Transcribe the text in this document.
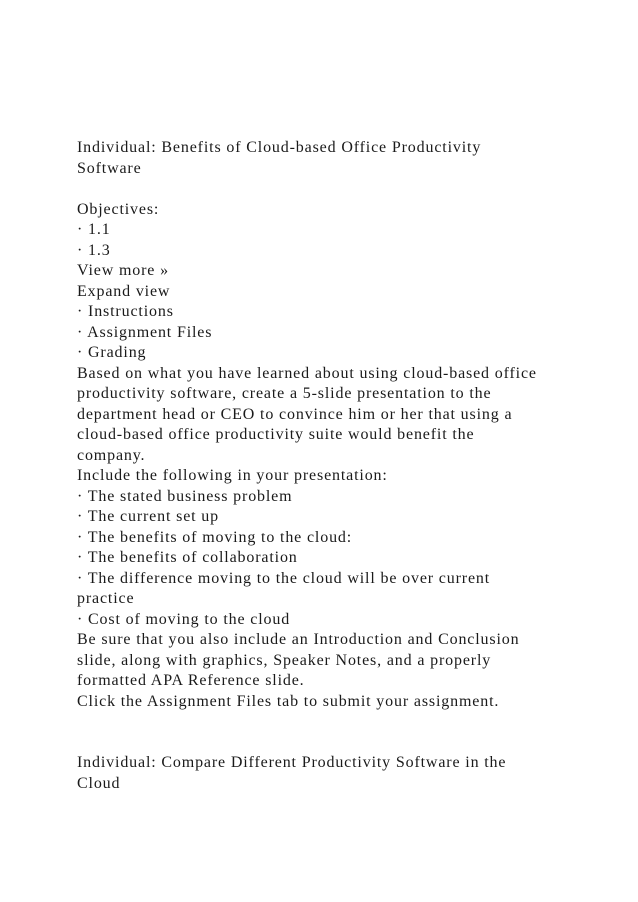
Individual: Benefits of Cloud-based Office Productivity
Software
Objectives:
· 1.1
· 1.3
View more »
Expand view
· Instructions
· Assignment Files
· Grading
Based on what you have learned about using cloud-based office
productivity software, create a 5-slide presentation to the
department head or CEO to convince him or her that using a
cloud-based office productivity suite would benefit the
company.
Include the following in your presentation:
· The stated business problem
· The current set up
· The benefits of moving to the cloud:
· The benefits of collaboration
· The difference moving to the cloud will be over current
practice
· Cost of moving to the cloud
Be sure that you also include an Introduction and Conclusion
slide, along with graphics, Speaker Notes, and a properly
formatted APA Reference slide.
Click the Assignment Files tab to submit your assignment.
Individual: Compare Different Productivity Software in the
Cloud
